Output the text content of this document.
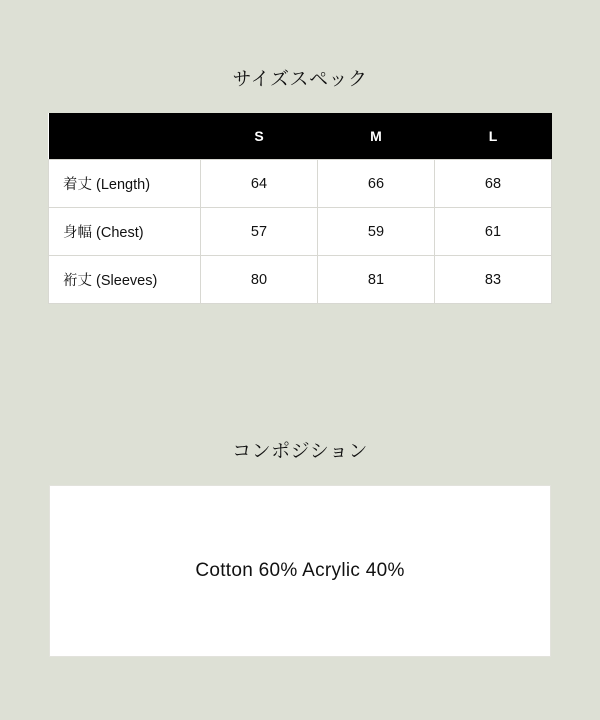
サイズスペック
	S	M	L
着丈 (Length)	64	66	68
身幅 (Chest)	57	59	61
裄丈 (Sleeves)	80	81	83
コンポジション
Cotton 60% Acrylic 40%
